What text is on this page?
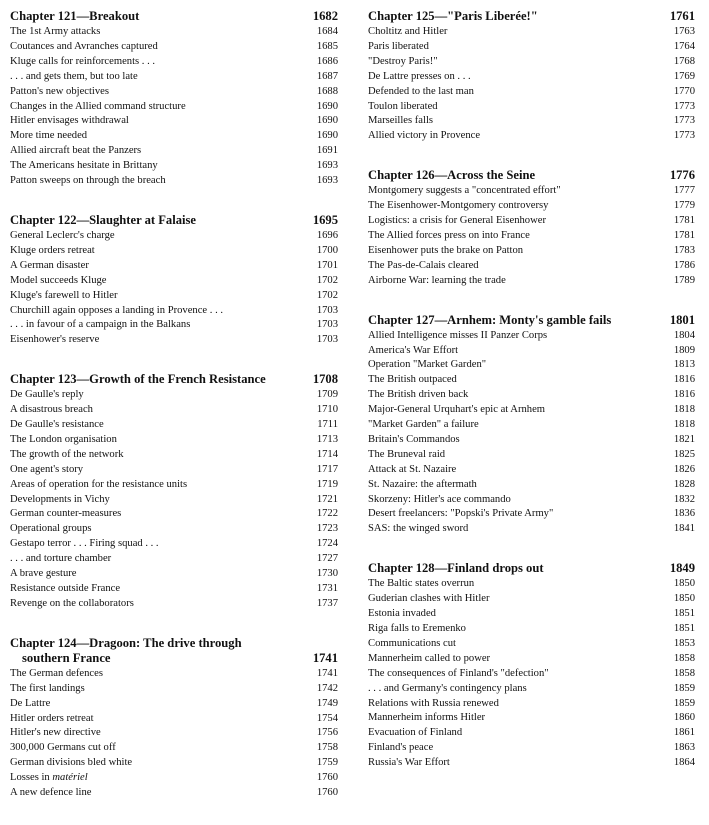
Chapter 121—Breakout	1682
The 1st Army attacks	1684
Coutances and Avranches captured	1685
Kluge calls for reinforcements . . .	1686
. . . and gets them, but too late	1687
Patton's new objectives	1688
Changes in the Allied command structure	1690
Hitler envisages withdrawal	1690
More time needed	1690
Allied aircraft beat the Panzers	1691
The Americans hesitate in Brittany	1693
Patton sweeps on through the breach	1693
Chapter 122—Slaughter at Falaise	1695
General Leclerc's charge	1696
Kluge orders retreat	1700
A German disaster	1701
Model succeeds Kluge	1702
Kluge's farewell to Hitler	1702
Churchill again opposes a landing in Provence . . .	1703
. . . in favour of a campaign in the Balkans	1703
Eisenhower's reserve	1703
Chapter 123—Growth of the French Resistance	1708
De Gaulle's reply	1709
A disastrous breach	1710
De Gaulle's resistance	1711
The London organisation	1713
The growth of the network	1714
One agent's story	1717
Areas of operation for the resistance units	1719
Developments in Vichy	1721
German counter-measures	1722
Operational groups	1723
Gestapo terror . . . Firing squad . . .	1724
. . . and torture chamber	1727
A brave gesture	1730
Resistance outside France	1731
Revenge on the collaborators	1737
Chapter 124—Dragoon: The drive through
southern France	1741
The German defences	1741
The first landings	1742
De Lattre	1749
Hitler orders retreat	1754
Hitler's new directive	1756
300,000 Germans cut off	1758
German divisions bled white	1759
Losses in matériel	1760
A new defence line	1760
Chapter 125—"Paris Liberée!"	1761
Choltitz and Hitler	1763
Paris liberated	1764
"Destroy Paris!"	1768
De Lattre presses on . . .	1769
Defended to the last man	1770
Toulon liberated	1773
Marseilles falls	1773
Allied victory in Provence	1773
Chapter 126—Across the Seine	1776
Montgomery suggests a "concentrated effort"	1777
The Eisenhower-Montgomery controversy	1779
Logistics: a crisis for General Eisenhower	1781
The Allied forces press on into France	1781
Eisenhower puts the brake on Patton	1783
The Pas-de-Calais cleared	1786
Airborne War: learning the trade	1789
Chapter 127—Arnhem: Monty's gamble fails	1801
Allied Intelligence misses II Panzer Corps	1804
America's War Effort	1809
Operation "Market Garden"	1813
The British outpaced	1816
The British driven back	1816
Major-General Urquhart's epic at Arnhem	1818
"Market Garden" a failure	1818
Britain's Commandos	1821
The Bruneval raid	1825
Attack at St. Nazaire	1826
St. Nazaire: the aftermath	1828
Skorzeny: Hitler's ace commando	1832
Desert freelancers: "Popski's Private Army"	1836
SAS: the winged sword	1841
Chapter 128—Finland drops out	1849
The Baltic states overrun	1850
Guderian clashes with Hitler	1850
Estonia invaded	1851
Riga falls to Eremenko	1851
Communications cut	1853
Mannerheim called to power	1858
The consequences of Finland's "defection"	1858
. . . and Germany's contingency plans	1859
Relations with Russia renewed	1859
Mannerheim informs Hitler	1860
Evacuation of Finland	1861
Finland's peace	1863
Russia's War Effort	1864
